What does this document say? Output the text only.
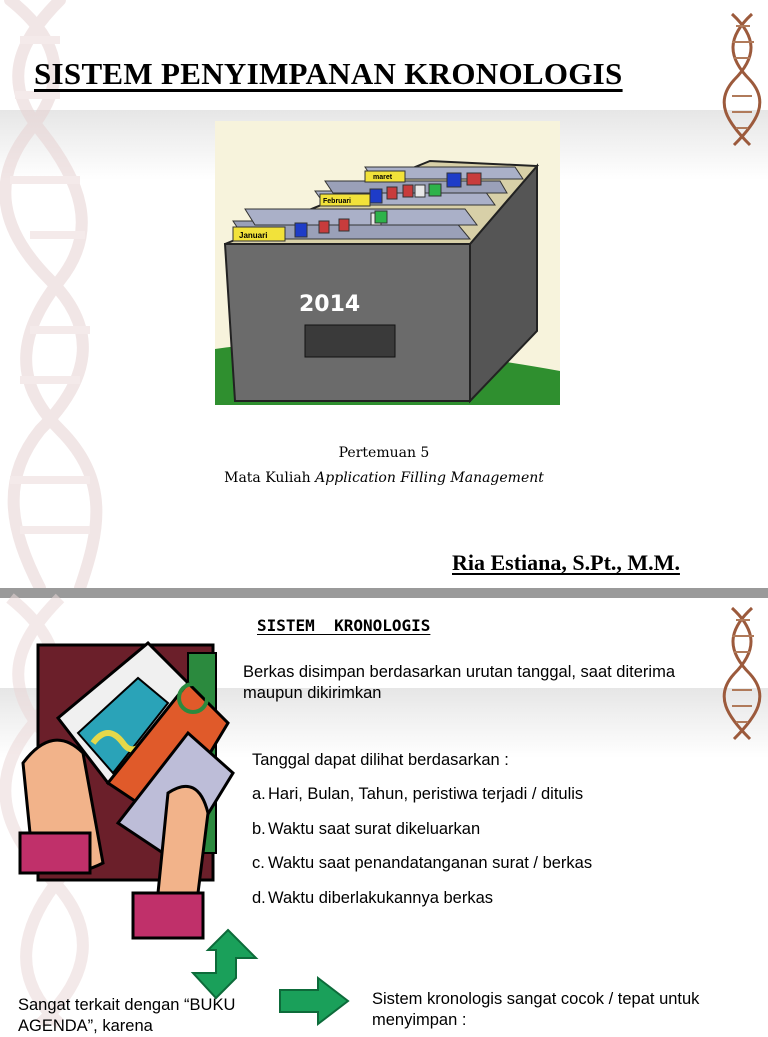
SISTEM PENYIMPANAN KRONOLOGIS
Januari
Februari
maret
2014
Pertemuan 5
Mata Kuliah Application Filling Management
Ria Estiana, S.Pt., M.M.
SISTEM  KRONOLOGIS
Berkas disimpan berdasarkan urutan tanggal, saat diterima maupun dikirimkan
Tanggal dapat dilihat berdasarkan :
a. Hari, Bulan, Tahun, peristiwa terjadi / ditulis
b. Waktu saat surat dikeluarkan
c. Waktu saat penandatanganan surat / berkas
d. Waktu diberlakukannya berkas
Sangat terkait dengan “BUKU AGENDA”, karena
Sistem kronologis sangat cocok / tepat untuk menyimpan :
